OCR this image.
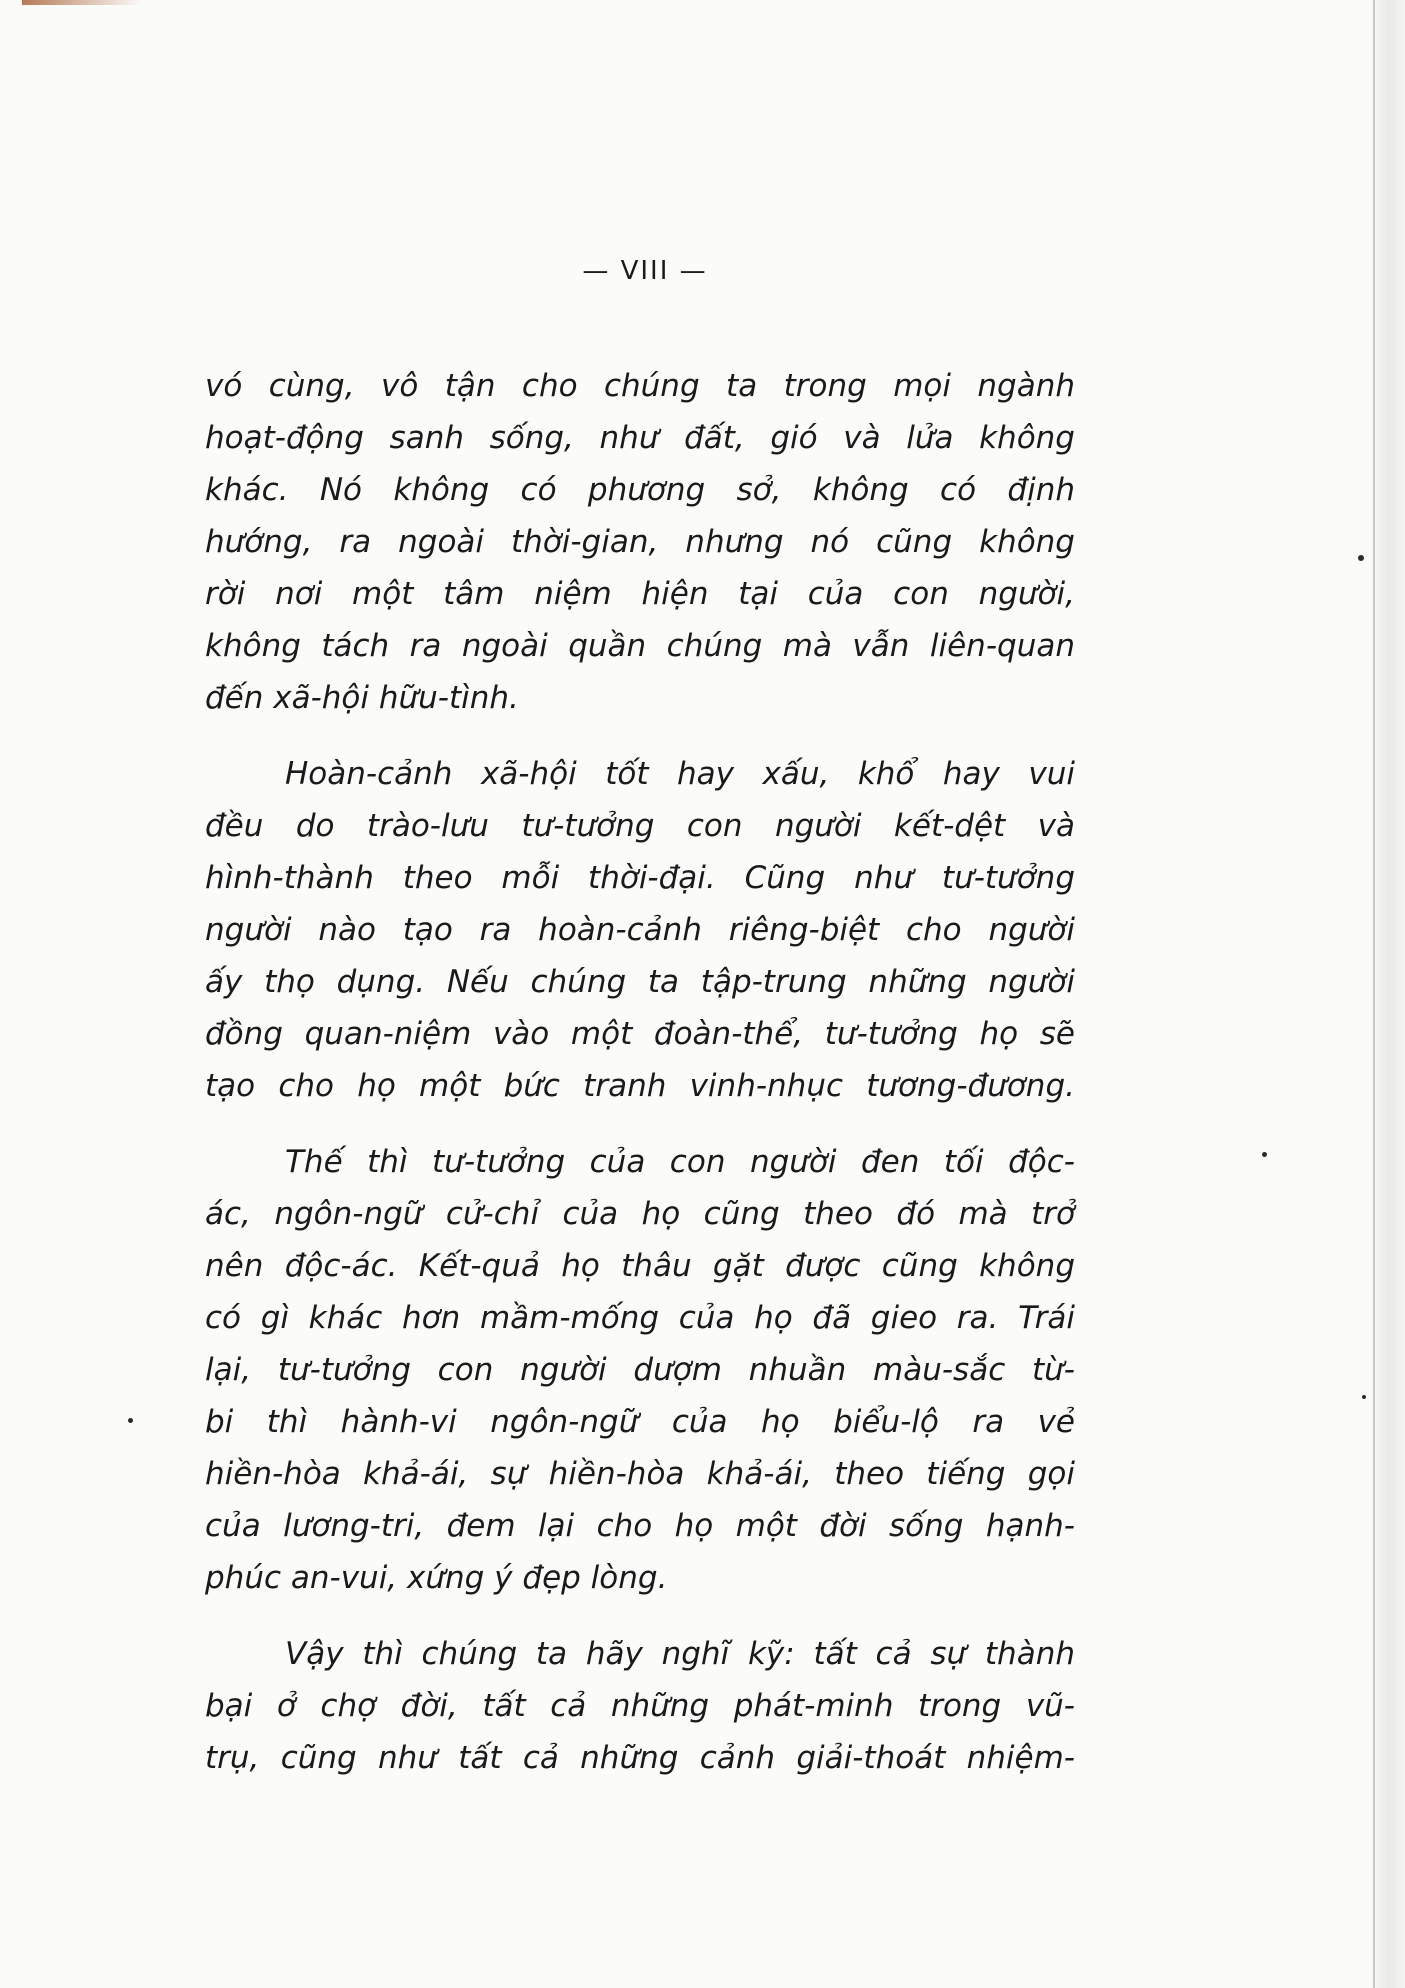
— VIII —

vó cùng, vô tận cho chúng ta trong mọi ngành
hoạt-động sanh sống, như đất, gió và lửa không
khác. Nó không có phương sở, không có định
hướng, ra ngoài thời-gian, nhưng nó cũng không
rời nơi một tâm niệm hiện tại của con người,
không tách ra ngoài quần chúng mà vẫn liên-quan
đến xã-hội hữu-tình.

Hoàn-cảnh xã-hội tốt hay xấu, khổ hay vui
đều do trào-lưu tư-tưởng con người kết-dệt và
hình-thành theo mỗi thời-đại. Cũng như tư-tưởng
người nào tạo ra hoàn-cảnh riêng-biệt cho người
ấy thọ dụng. Nếu chúng ta tập-trung những người
đồng quan-niệm vào một đoàn-thể, tư-tưởng họ sẽ
tạo cho họ một bức tranh vinh-nhục tương-đương.

Thế thì tư-tưởng của con người đen tối độc-
ác, ngôn-ngữ cử-chỉ của họ cũng theo đó mà trở
nên độc-ác. Kết-quả họ thâu gặt được cũng không
có gì khác hơn mầm-mống của họ đã gieo ra. Trái
lại, tư-tưởng con người dượm nhuần màu-sắc từ-
bi thì hành-vi ngôn-ngữ của họ biểu-lộ ra vẻ
hiền-hòa khả-ái, sự hiền-hòa khả-ái, theo tiếng gọi
của lương-tri, đem lại cho họ một đời sống hạnh-
phúc an-vui, xứng ý đẹp lòng.

Vậy thì chúng ta hãy nghĩ kỹ: tất cả sự thành
bại ở chợ đời, tất cả những phát-minh trong vũ-
trụ, cũng như tất cả những cảnh giải-thoát nhiệm-
